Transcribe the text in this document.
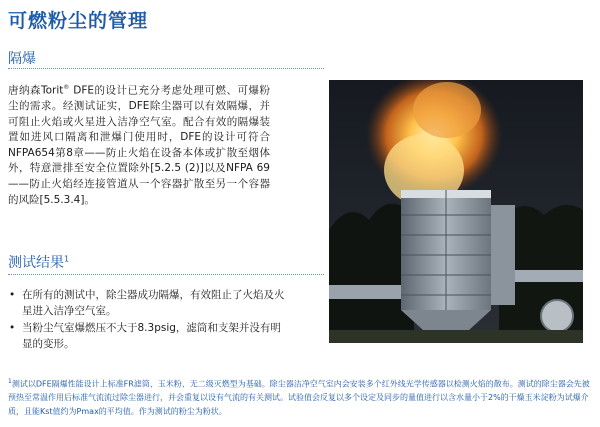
可燃粉尘的管理
隔爆

唐纳森Torit® DFE的设计已充分考虑处理可燃、可爆粉尘的需求。经测试证实，DFE除尘器可以有效隔爆，并可阻止火焰或火星进入洁净空气室。配合有效的隔爆装置如进风口隔离和泄爆门使用时，DFE的设计可符合NFPA654第8章——防止火焰在设备本体或扩散至烟体外，特意泄排至安全位置除外[5.2.5 (2)]以及NFPA 69——防止火焰经连接管道从一个容器扩散至另一个容器的风险[5.5.3.4]。

测试结果$^1$
• 在所有的测试中，除尘器成功隔爆，有效阻止了火焰及火星进入洁净空气室。
• 当粉尘气室爆燃压不大于8.3psig，滤筒和支架并没有明显的变形。

$^1$测试以DFE隔爆性能设计上标准FR滤筒、玉米粉、无二级灭燃型为基础。除尘器洁净空气室内会安装多个红外线光学传感器以检测火焰的散布。测试的除尘器会先被预热至常温作用后标准气流流过除尘器进行，并会重复以设有气流的有关测试。试验值会反复以多个设定及同步的量值进行以含水量小于2%的干燥玉米淀粉为试爆介质，且能Kst值约为Pmax的平均值。作为测试的粉尘为粉状。
